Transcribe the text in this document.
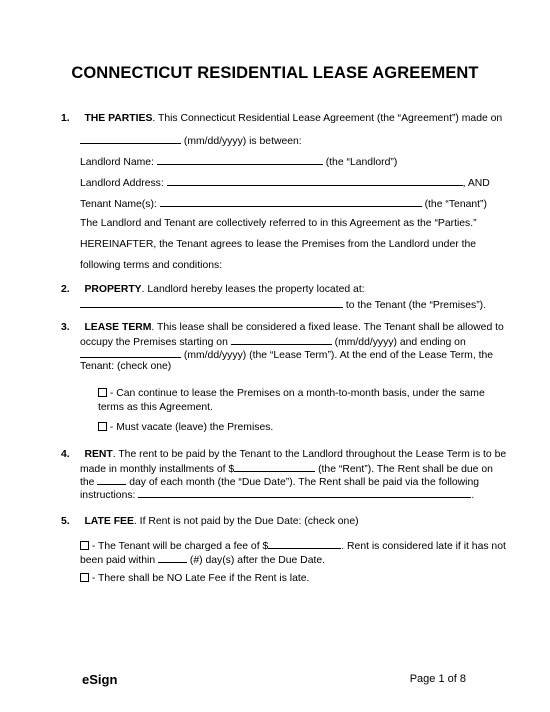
CONNECTICUT RESIDENTIAL LEASE AGREEMENT
1. THE PARTIES. This Connecticut Residential Lease Agreement (the “Agreement”) made on
(mm/dd/yyyy) is between:
Landlord Name:	(the “Landlord”)
Landlord Address:	, AND
Tenant Name(s):	(the “Tenant”)
The Landlord and Tenant are collectively referred to in this Agreement as the “Parties.”
HEREINAFTER, the Tenant agrees to lease the Premises from the Landlord under the
following terms and conditions:
2. PROPERTY. Landlord hereby leases the property located at:
to the Tenant (the “Premises”).
3. LEASE TERM. This lease shall be considered a fixed lease. The Tenant shall be allowed to
occupy the Premises starting on	(mm/dd/yyyy) and ending on
(mm/dd/yyyy) (the “Lease Term”). At the end of the Lease Term, the
Tenant: (check one)
- Can continue to lease the Premises on a month-to-month basis, under the same
terms as this Agreement.
- Must vacate (leave) the Premises.
4. RENT. The rent to be paid by the Tenant to the Landlord throughout the Lease Term is to be
made in monthly installments of $	(the “Rent”). The Rent shall be due on
the	day of each month (the “Due Date”). The Rent shall be paid via the following
instructions:	.
5. LATE FEE. If Rent is not paid by the Due Date: (check one)
- The Tenant will be charged a fee of $	. Rent is considered late if it has not
been paid within	(#) day(s) after the Due Date.
- There shall be NO Late Fee if the Rent is late.
eSign	Page 1 of 8
